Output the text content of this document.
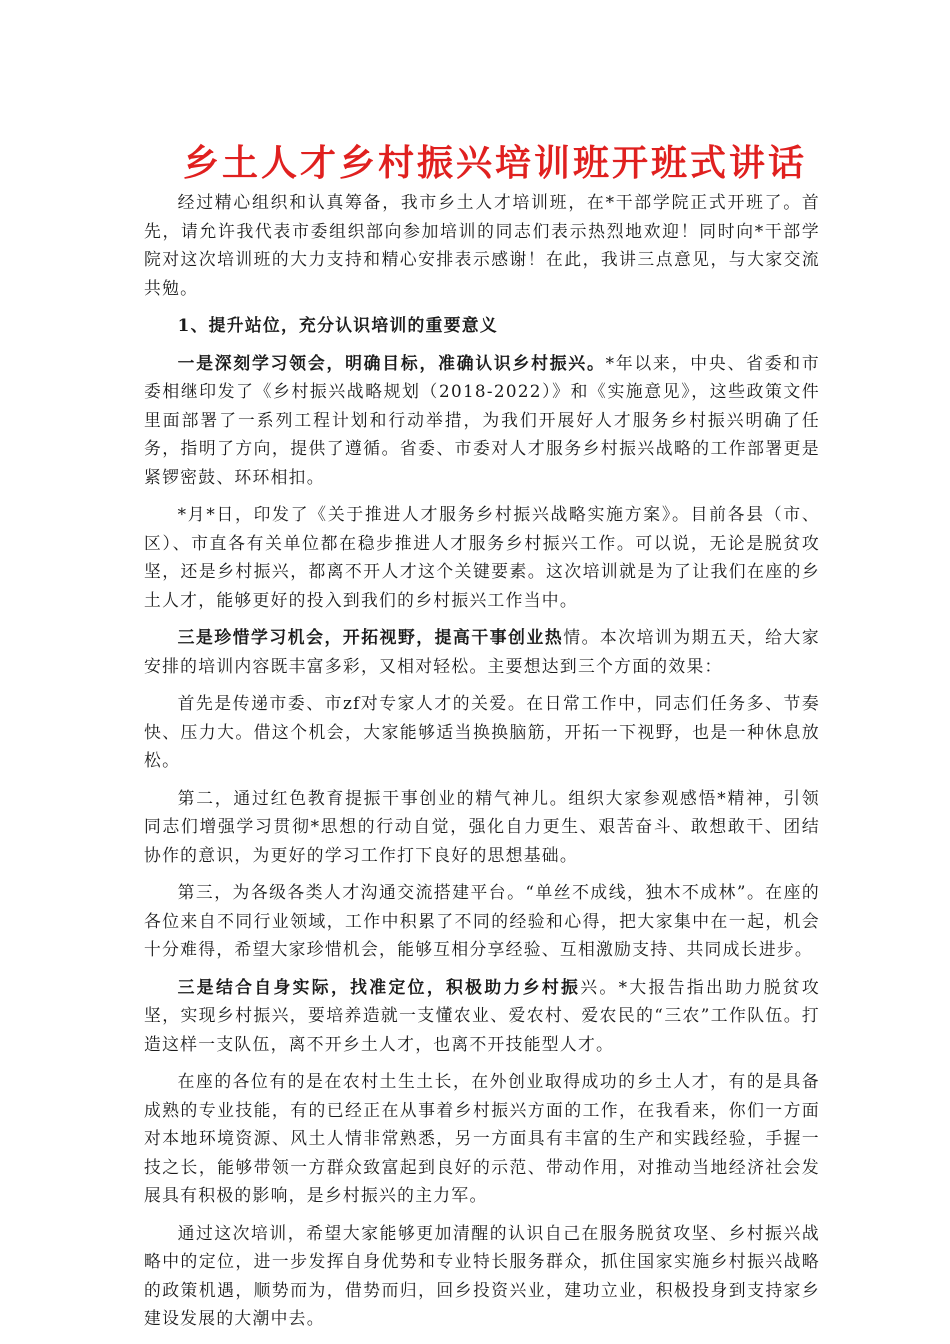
乡土人才乡村振兴培训班开班式讲话

经过精心组织和认真筹备，我市乡土人才培训班，在*干部学院正式开班了。首先，请允许我代表市委组织部向参加培训的同志们表示热烈地欢迎！同时向*干部学院对这次培训班的大力支持和精心安排表示感谢！在此，我讲三点意见，与大家交流共勉。

1、提升站位，充分认识培训的重要意义

一是深刻学习领会，明确目标，准确认识乡村振兴。*年以来，中央、省委和市委相继印发了《乡村振兴战略规划（2018-2022）》和《实施意见》，这些政策文件里面部署了一系列工程计划和行动举措，为我们开展好人才服务乡村振兴明确了任务，指明了方向，提供了遵循。省委、市委对人才服务乡村振兴战略的工作部署更是紧锣密鼓、环环相扣。

*月*日，印发了《关于推进人才服务乡村振兴战略实施方案》。目前各县（市、区）、市直各有关单位都在稳步推进人才服务乡村振兴工作。可以说，无论是脱贫攻坚，还是乡村振兴，都离不开人才这个关键要素。这次培训就是为了让我们在座的乡土人才，能够更好的投入到我们的乡村振兴工作当中。

三是珍惜学习机会，开拓视野，提高干事创业热情。本次培训为期五天，给大家安排的培训内容既丰富多彩，又相对轻松。主要想达到三个方面的效果：

首先是传递市委、市zf对专家人才的关爱。在日常工作中，同志们任务多、节奏快、压力大。借这个机会，大家能够适当换换脑筋，开拓一下视野，也是一种休息放松。

第二，通过红色教育提振干事创业的精气神儿。组织大家参观感悟*精神，引领同志们增强学习贯彻*思想的行动自觉，强化自力更生、艰苦奋斗、敢想敢干、团结协作的意识，为更好的学习工作打下良好的思想基础。

第三，为各级各类人才沟通交流搭建平台。“单丝不成线，独木不成林”。在座的各位来自不同行业领域，工作中积累了不同的经验和心得，把大家集中在一起，机会十分难得，希望大家珍惜机会，能够互相分享经验、互相激励支持、共同成长进步。

三是结合自身实际，找准定位，积极助力乡村振兴。*大报告指出助力脱贫攻坚，实现乡村振兴，要培养造就一支懂农业、爱农村、爱农民的“三农”工作队伍。打造这样一支队伍，离不开乡土人才，也离不开技能型人才。

在座的各位有的是在农村土生土长，在外创业取得成功的乡土人才，有的是具备成熟的专业技能，有的已经正在从事着乡村振兴方面的工作，在我看来，你们一方面对本地环境资源、风土人情非常熟悉，另一方面具有丰富的生产和实践经验，手握一技之长，能够带领一方群众致富起到良好的示范、带动作用，对推动当地经济社会发展具有积极的影响，是乡村振兴的主力军。

通过这次培训，希望大家能够更加清醒的认识自己在服务脱贫攻坚、乡村振兴战略中的定位，进一步发挥自身优势和专业特长服务群众，抓住国家实施乡村振兴战略的政策机遇，顺势而为，借势而归，回乡投资兴业，建功立业，积极投身到支持家乡建设发展的大潮中去。
